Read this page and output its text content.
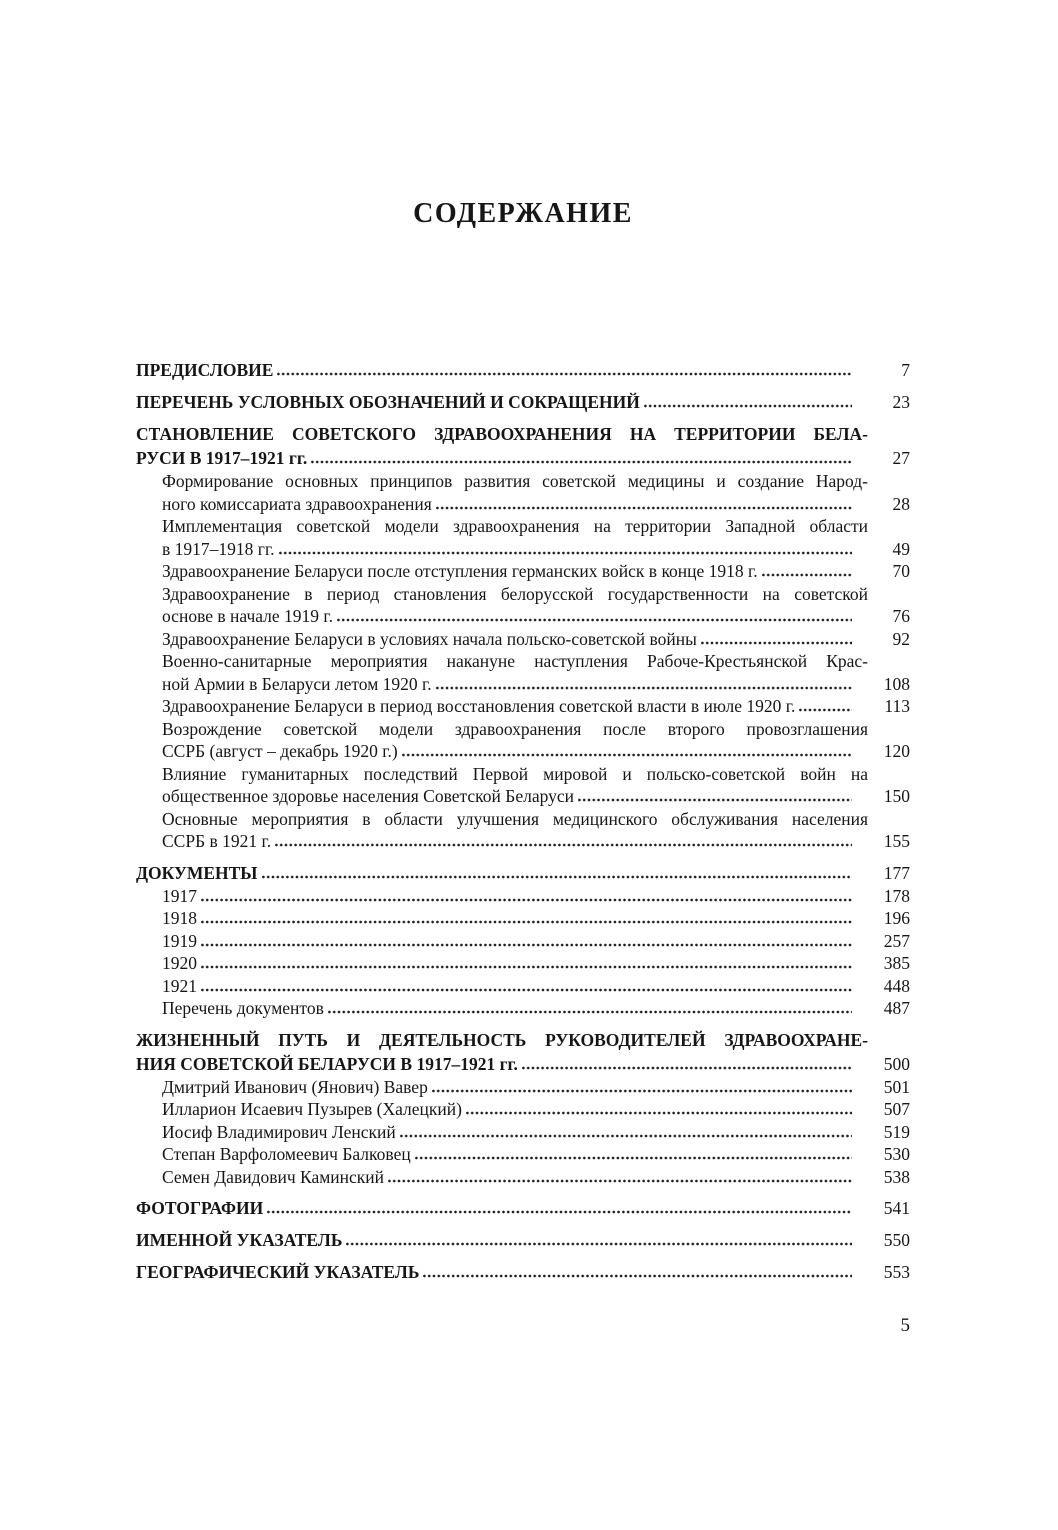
СОДЕРЖАНИЕ
ПРЕДИСЛОВИЕ	7
ПЕРЕЧЕНЬ УСЛОВНЫХ ОБОЗНАЧЕНИЙ И СОКРАЩЕНИЙ	23
СТАНОВЛЕНИЕ СОВЕТСКОГО ЗДРАВООХРАНЕНИЯ НА ТЕРРИТОРИИ БЕЛА-
РУСИ В 1917–1921 гг.	27
Формирование основных принципов развития советской медицины и создание Народ-
ного комиссариата здравоохранения	28
Имплементация советской модели здравоохранения на территории Западной области
в 1917–1918 гг.	49
Здравоохранение Беларуси после отступления германских войск в конце 1918 г.	70
Здравоохранение в период становления белорусской государственности на советской
основе в начале 1919 г.	76
Здравоохранение Беларуси в условиях начала польско-советской войны	92
Военно-санитарные мероприятия накануне наступления Рабоче-Крестьянской Крас-
ной Армии в Беларуси летом 1920 г.	108
Здравоохранение Беларуси в период восстановления советской власти в июле 1920 г.	113
Возрождение советской модели здравоохранения после второго провозглашения
ССРБ (август – декабрь 1920 г.)	120
Влияние гуманитарных последствий Первой мировой и польско-советской войн на
общественное здоровье населения Советской Беларуси	150
Основные мероприятия в области улучшения медицинского обслуживания населения
ССРБ в 1921 г.	155
ДОКУМЕНТЫ	177
1917	178
1918	196
1919	257
1920	385
1921	448
Перечень документов	487
ЖИЗНЕННЫЙ ПУТЬ И ДЕЯТЕЛЬНОСТЬ РУКОВОДИТЕЛЕЙ ЗДРАВООХРАНЕ-
НИЯ СОВЕТСКОЙ БЕЛАРУСИ В 1917–1921 гг.	500
Дмитрий Иванович (Янович) Вавер	501
Илларион Исаевич Пузырев (Халецкий)	507
Иосиф Владимирович Ленский	519
Степан Варфоломеевич Балковец	530
Семен Давидович Каминский	538
ФОТОГРАФИИ	541
ИМЕННОЙ УКАЗАТЕЛЬ	550
ГЕОГРАФИЧЕСКИЙ УКАЗАТЕЛЬ	553
5
